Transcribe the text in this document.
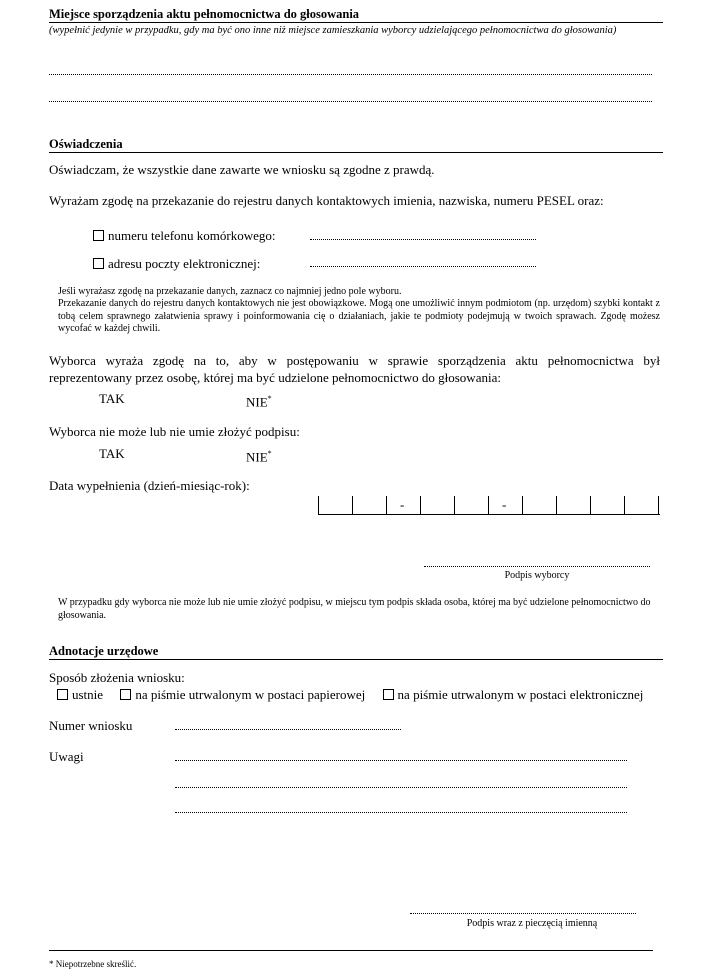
Miejsce sporządzenia aktu pełnomocnictwa do głosowania
(wypełnić jedynie w przypadku, gdy ma być ono inne niż miejsce zamieszkania wyborcy udzielającego pełnomocnictwa do głosowania)
Oświadczenia
Oświadczam, że wszystkie dane zawarte we wniosku są zgodne z prawdą.
Wyrażam zgodę na przekazanie do rejestru danych kontaktowych imienia, nazwiska, numeru PESEL oraz:
numeru telefonu komórkowego:
adresu poczty elektronicznej:
Jeśli wyrażasz zgodę na przekazanie danych, zaznacz co najmniej jedno pole wyboru.
Przekazanie danych do rejestru danych kontaktowych nie jest obowiązkowe. Mogą one umożliwić innym podmiotom (np. urzędom) szybki kontakt z tobą celem sprawnego załatwienia sprawy i poinformowania cię o działaniach, jakie te podmioty podejmują w twoich sprawach. Zgodę możesz wycofać w każdej chwili.
Wyborca wyraża zgodę na to, aby w postępowaniu w sprawie sporządzenia aktu pełnomocnictwa był reprezentowany przez osobę, której ma być udzielone pełnomocnictwo do głosowania:
TAK	NIE*
Wyborca nie może lub nie umie złożyć podpisu:
TAK	NIE*
Data wypełnienia (dzień-miesiąc-rok):
-	-
Podpis wyborcy
W przypadku gdy wyborca nie może lub nie umie złożyć podpisu, w miejscu tym podpis składa osoba, której ma być udzielone pełnomocnictwo do głosowania.
Adnotacje urzędowe
Sposób złożenia wniosku:
ustnie na piśmie utrwalonym w postaci papierowej na piśmie utrwalonym w postaci elektronicznej
Numer wniosku
Uwagi
Podpis wraz z pieczęcią imienną
* Niepotrzebne skreślić.
